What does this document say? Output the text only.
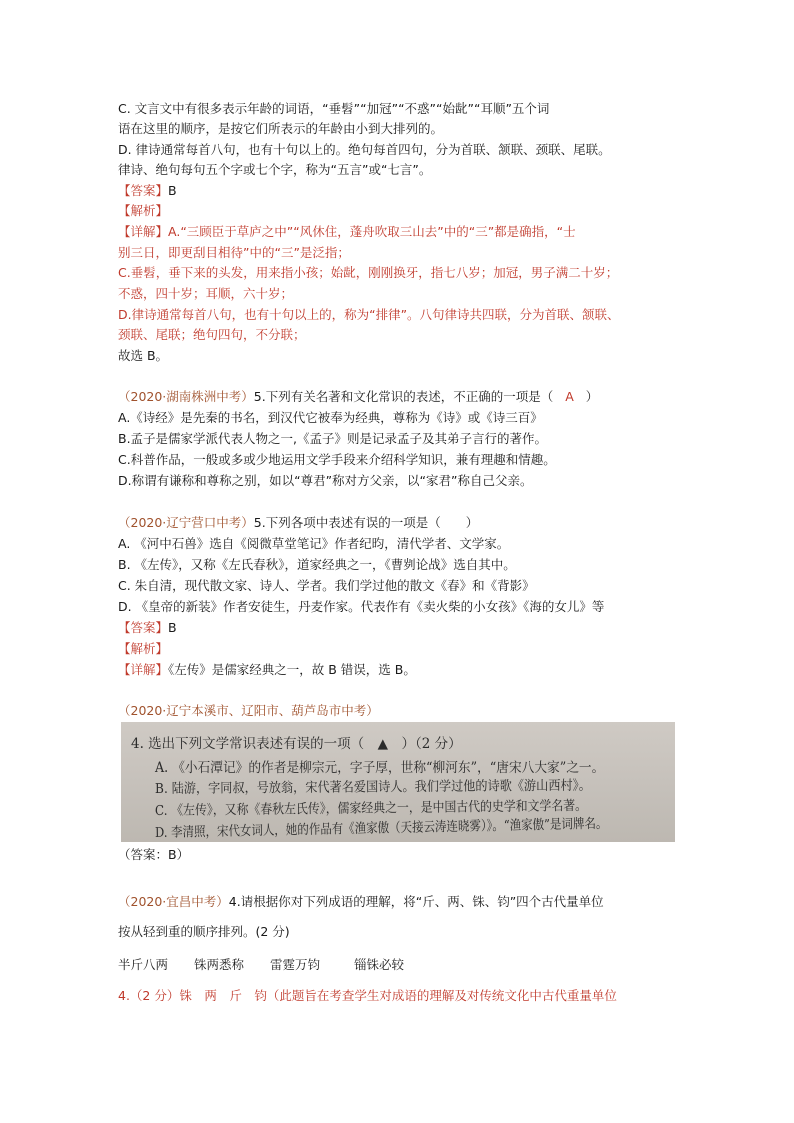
C. 文言文中有很多表示年龄的词语，“垂髫”“加冠”“不惑”“始龀”“耳顺”五个词
语在这里的顺序，是按它们所表示的年龄由小到大排列的。
D. 律诗通常每首八句，也有十句以上的。绝句每首四句，分为首联、颔联、颈联、尾联。
律诗、绝句每句五个字或七个字，称为“五言”或“七言”。
【答案】B
【解析】
【详解】A.“三顾臣于草庐之中”“风休住，蓬舟吹取三山去”中的“三”都是确指，“士
别三日，即更刮目相待”中的“三”是泛指；
C.垂髫，垂下来的头发，用来指小孩；始龀，刚刚换牙，指七八岁；加冠，男子满二十岁；
不惑，四十岁；耳顺，六十岁；
D.律诗通常每首八句，也有十句以上的，称为“排律”。八句律诗共四联，分为首联、颔联、
颈联、尾联；绝句四句，不分联；
故选 B。
（2020·湖南株洲中考）5.下列有关名著和文化常识的表述，不正确的一项是（ A ）
A.《诗经》是先秦的书名，到汉代它被奉为经典，尊称为《诗》或《诗三百》
B.孟子是儒家学派代表人物之一,《孟子》则是记录孟子及其弟子言行的著作。
C.科普作品，一般或多或少地运用文学手段来介绍科学知识，兼有理趣和情趣。
D.称谓有谦称和尊称之别，如以“尊君”称对方父亲，以“家君”称自己父亲。
（2020·辽宁营口中考）5.下列各项中表述有误的一项是（　　）
A. 《河中石兽》选自《阅微草堂笔记》作者纪昀，清代学者、文学家。
B. 《左传》，又称《左氏春秋》，道家经典之一，《曹刿论战》选自其中。
C. 朱自清，现代散文家、诗人、学者。我们学过他的散文《春》和《背影》
D. 《皇帝的新装》作者安徒生，丹麦作家。代表作有《卖火柴的小女孩》《海的女儿》等
【答案】B
【解析】
【详解】《左传》是儒家经典之一，故 B 错误，选 B。
（2020·辽宁本溪市、辽阳市、葫芦岛市中考）
4. 选出下列文学常识表述有误的一项（　▲　）（2 分）
A. 《小石潭记》的作者是柳宗元，字子厚，世称“柳河东”，“唐宋八大家”之一。
B. 陆游，字同叔，号放翁，宋代著名爱国诗人。我们学过他的诗歌《游山西村》。
C. 《左传》，又称《春秋左氏传》，儒家经典之一，是中国古代的史学和文学名著。
D. 李清照，宋代女词人，她的作品有《渔家傲（天接云涛连晓雾）》。“渔家傲”是词牌名。
（答案：B）
（2020·宜昌中考）4.请根据你对下列成语的理解，将“斤、两、铢、钧”四个古代量单位
按从轻到重的顺序排列。(2 分)
半斤八两 铢两悉称 雷霆万钧	锱铢必较
4.（2 分）铢　两　斤　钧（此题旨在考查学生对成语的理解及对传统文化中古代重量单位
